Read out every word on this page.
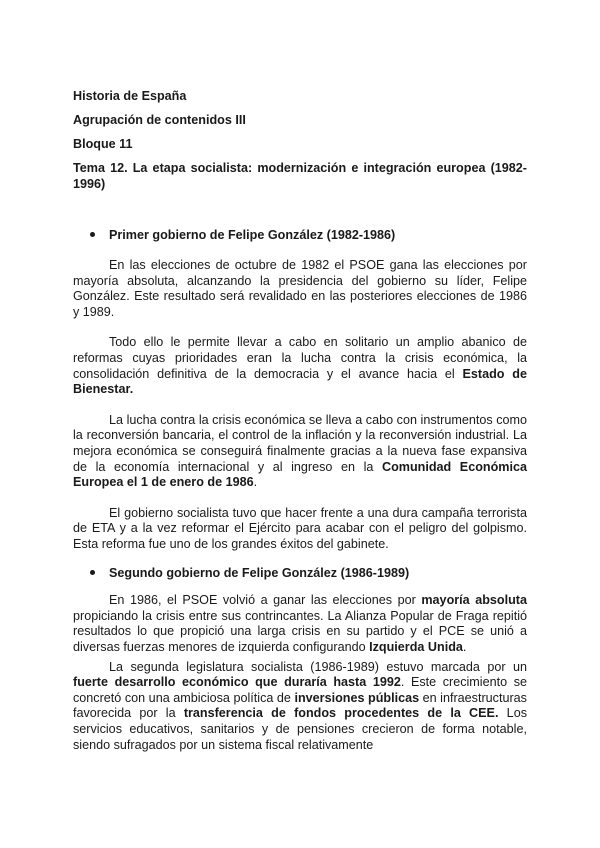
Historia de España
Agrupación de contenidos III
Bloque 11
Tema 12. La etapa socialista: modernización e integración europea (1982-1996)
Primer gobierno de Felipe González (1982-1986)

En las elecciones de octubre de 1982 el PSOE gana las elecciones por mayoría absoluta, alcanzando la presidencia del gobierno su líder, Felipe González. Este resultado será revalidado en las posteriores elecciones de 1986 y 1989.

Todo ello le permite llevar a cabo en solitario un amplio abanico de reformas cuyas prioridades eran la lucha contra la crisis económica, la consolidación definitiva de la democracia y el avance hacia el Estado de Bienestar.

La lucha contra la crisis económica se lleva a cabo con instrumentos como la reconversión bancaria, el control de la inflación y la reconversión industrial. La mejora económica se conseguirá finalmente gracias a la nueva fase expansiva de la economía internacional y al ingreso en la Comunidad Económica Europea el 1 de enero de 1986.

El gobierno socialista tuvo que hacer frente a una dura campaña terrorista de ETA y a la vez reformar el Ejército para acabar con el peligro del golpismo. Esta reforma fue uno de los grandes éxitos del gabinete.

Segundo gobierno de Felipe González (1986-1989)

En 1986, el PSOE volvió a ganar las elecciones por mayoría absoluta propiciando la crisis entre sus contrincantes. La Alianza Popular de Fraga repitió resultados lo que propició una larga crisis en su partido y el PCE se unió a diversas fuerzas menores de izquierda configurando Izquierda Unida.

La segunda legislatura socialista (1986-1989) estuvo marcada por un fuerte desarrollo económico que duraría hasta 1992. Este crecimiento se concretó con una ambiciosa política de inversiones públicas en infraestructuras favorecida por la transferencia de fondos procedentes de la CEE. Los servicios educativos, sanitarios y de pensiones crecieron de forma notable, siendo sufragados por un sistema fiscal relativamente
